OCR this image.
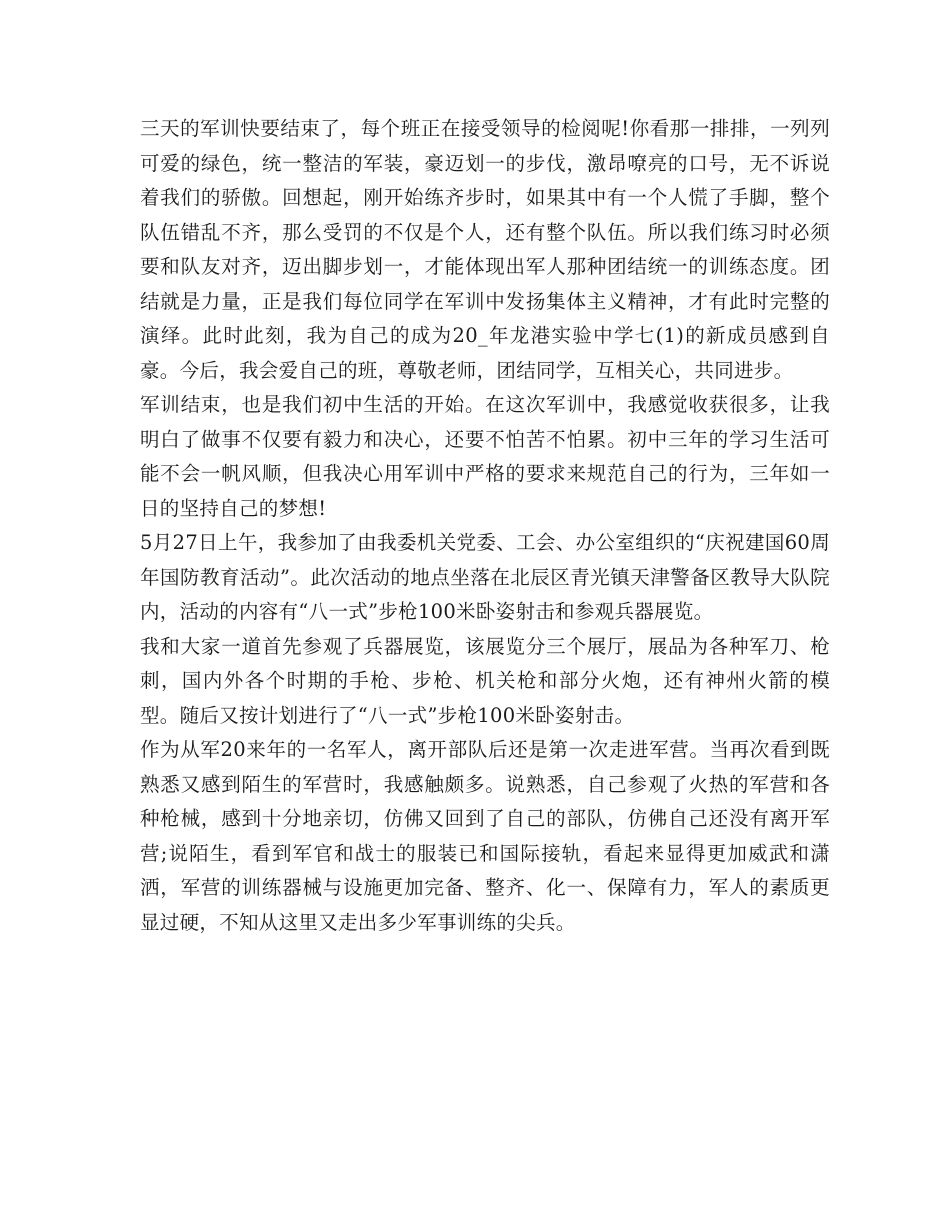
三天的军训快要结束了，每个班正在接受领导的检阅呢!你看那一排排，一列列可爱的绿色，统一整洁的军装，豪迈划一的步伐，激昂嘹亮的口号，无不诉说着我们的骄傲。回想起，刚开始练齐步时，如果其中有一个人慌了手脚，整个队伍错乱不齐，那么受罚的不仅是个人，还有整个队伍。所以我们练习时必须要和队友对齐，迈出脚步划一，才能体现出军人那种团结统一的训练态度。团结就是力量，正是我们每位同学在军训中发扬集体主义精神，才有此时完整的演绎。此时此刻，我为自己的成为20_年龙港实验中学七(1)的新成员感到自豪。今后，我会爱自己的班，尊敬老师，团结同学，互相关心，共同进步。

军训结束，也是我们初中生活的开始。在这次军训中，我感觉收获很多，让我明白了做事不仅要有毅力和决心，还要不怕苦不怕累。初中三年的学习生活可能不会一帆风顺，但我决心用军训中严格的要求来规范自己的行为，三年如一日的坚持自己的梦想!

5月27日上午，我参加了由我委机关党委、工会、办公室组织的“庆祝建国60周年国防教育活动”。此次活动的地点坐落在北辰区青光镇天津警备区教导大队院内，活动的内容有“八一式”步枪100米卧姿射击和参观兵器展览。

我和大家一道首先参观了兵器展览，该展览分三个展厅，展品为各种军刀、枪刺，国内外各个时期的手枪、步枪、机关枪和部分火炮，还有神州火箭的模型。随后又按计划进行了“八一式”步枪100米卧姿射击。

作为从军20来年的一名军人，离开部队后还是第一次走进军营。当再次看到既熟悉又感到陌生的军营时，我感触颇多。说熟悉，自己参观了火热的军营和各种枪械，感到十分地亲切，仿佛又回到了自己的部队，仿佛自己还没有离开军营;说陌生，看到军官和战士的服装已和国际接轨，看起来显得更加威武和潇洒，军营的训练器械与设施更加完备、整齐、化一、保障有力，军人的素质更显过硬，不知从这里又走出多少军事训练的尖兵。
